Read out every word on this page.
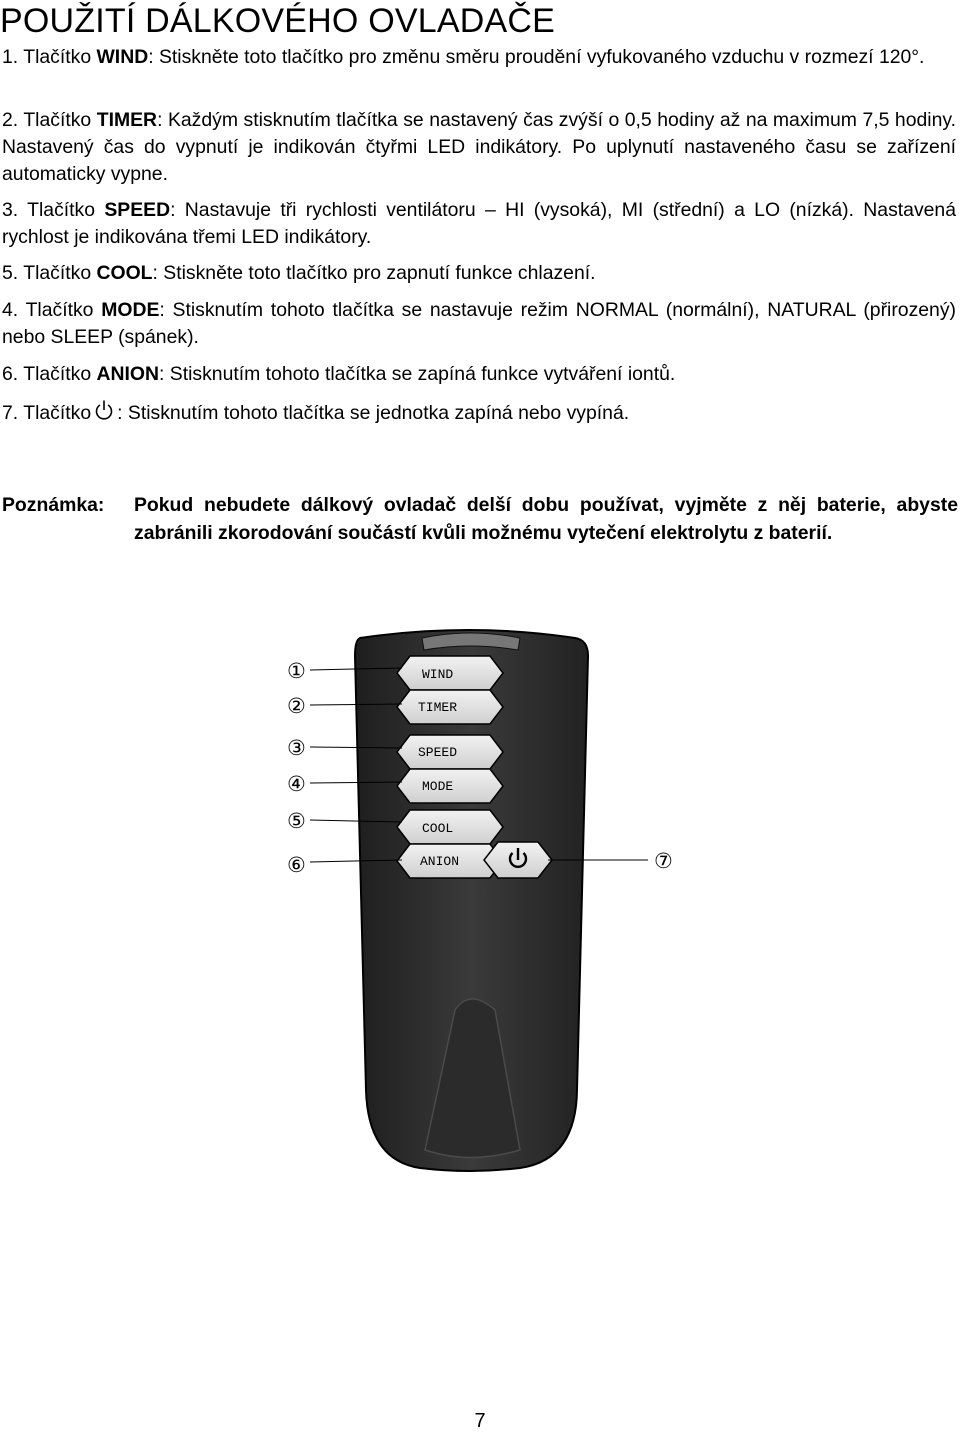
POUŽITÍ DÁLKOVÉHO OVLADAČE
1. Tlačítko WIND: Stiskněte toto tlačítko pro změnu směru proudění vyfukovaného vzduchu v rozmezí 120°.
2. Tlačítko TIMER: Každým stisknutím tlačítka se nastavený čas zvýší o 0,5 hodiny až na maximum 7,5 hodiny. Nastavený čas do vypnutí je indikován čtyřmi LED indikátory. Po uplynutí nastaveného času se zařízení automaticky vypne.
3. Tlačítko SPEED: Nastavuje tři rychlosti ventilátoru – HI (vysoká), MI (střední) a LO (nízká). Nastavená rychlost je indikována třemi LED indikátory.
5. Tlačítko COOL: Stiskněte toto tlačítko pro zapnutí funkce chlazení.
4. Tlačítko MODE: Stisknutím tohoto tlačítka se nastavuje režim NORMAL (normální), NATURAL (přirozený) nebo SLEEP (spánek).
6. Tlačítko ANION: Stisknutím tohoto tlačítka se zapíná funkce vytváření iontů.
7. Tlačítko : Stisknutím tohoto tlačítka se jednotka zapíná nebo vypíná.
Poznámka: Pokud nebudete dálkový ovladač delší dobu používat, vyjměte z něj baterie, abyste zabránili zkorodování součástí kvůli možnému vytečení elektrolytu z baterií.
WIND
TIMER
SPEED
MODE
COOL
ANION
①
②
③
④
⑤
⑥	⑦
7
